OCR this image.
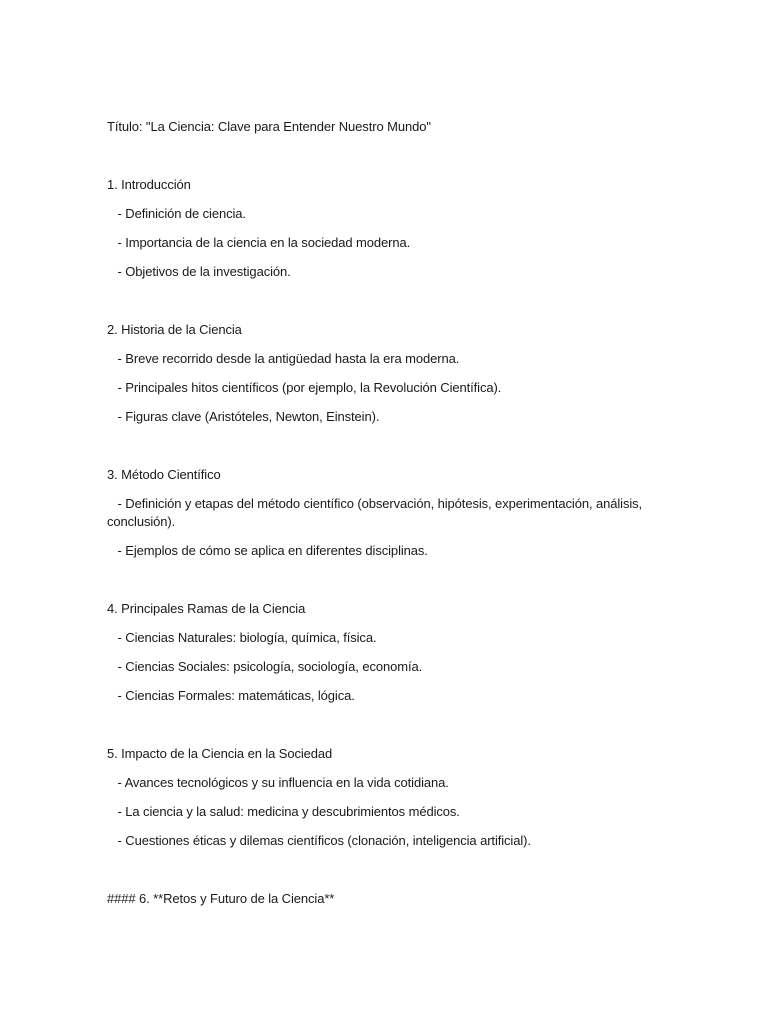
Título: "La Ciencia: Clave para Entender Nuestro Mundo"

1. Introducción

- Definición de ciencia.

- Importancia de la ciencia en la sociedad moderna.

- Objetivos de la investigación.

2. Historia de la Ciencia

- Breve recorrido desde la antigüedad hasta la era moderna.

- Principales hitos científicos (por ejemplo, la Revolución Científica).

- Figuras clave (Aristóteles, Newton, Einstein).

3. Método Científico

- Definición y etapas del método científico (observación, hipótesis, experimentación, análisis, conclusión).

- Ejemplos de cómo se aplica en diferentes disciplinas.

4. Principales Ramas de la Ciencia

- Ciencias Naturales: biología, química, física.

- Ciencias Sociales: psicología, sociología, economía.

- Ciencias Formales: matemáticas, lógica.

5. Impacto de la Ciencia en la Sociedad

- Avances tecnológicos y su influencia en la vida cotidiana.

- La ciencia y la salud: medicina y descubrimientos médicos.

- Cuestiones éticas y dilemas científicos (clonación, inteligencia artificial).

#### 6. **Retos y Futuro de la Ciencia**
